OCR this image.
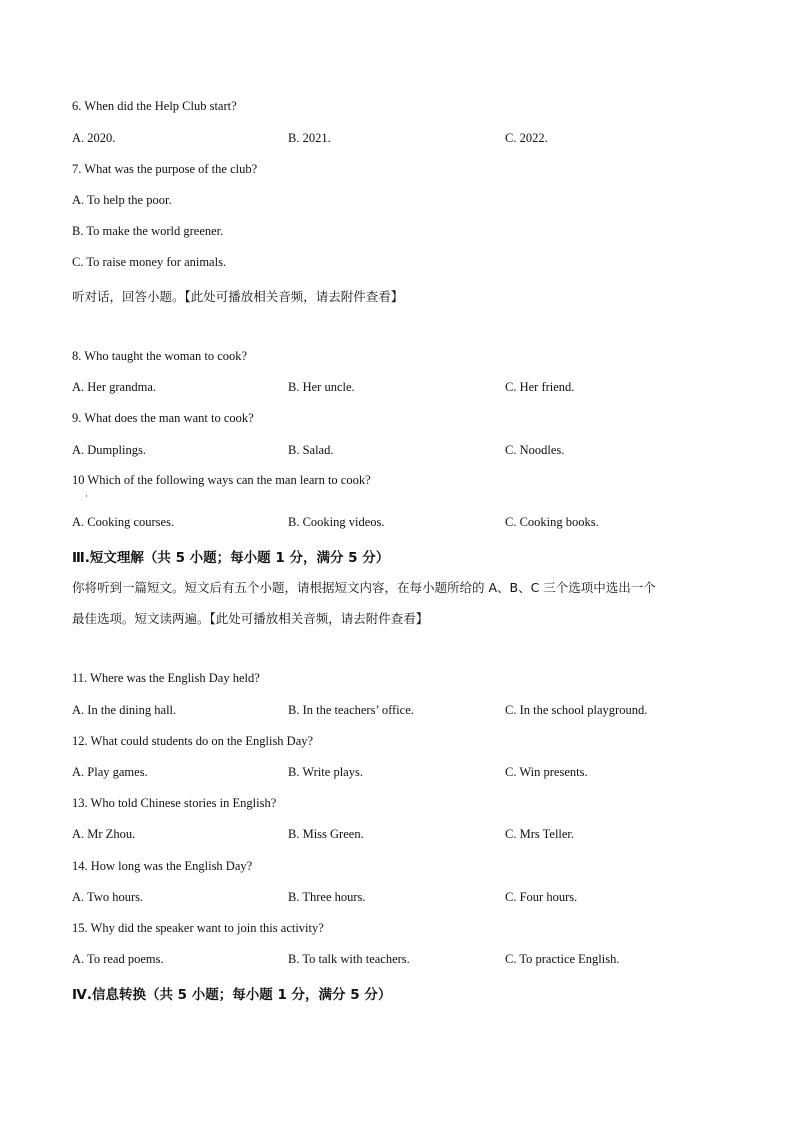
6. When did the Help Club start?
A. 2020.	B. 2021.	C. 2022.
7. What was the purpose of the club?
A. To help the poor.
B. To make the world greener.
C. To raise money for animals.
听对话，回答小题。【此处可播放相关音频，请去附件查看】
8. Who taught the woman to cook?
A. Her grandma.	B. Her uncle.	C. Her friend.
9. What does the man want to cook?
A. Dumplings.	B. Salad.	C. Noodles.
10 Which of the following ways can the man learn to cook?
·
A. Cooking courses.	B. Cooking videos.	C. Cooking books.
Ⅲ.短文理解（共 5 小题；每小题 1 分，满分 5 分）
你将听到一篇短文。短文后有五个小题，请根据短文内容，在每小题所给的 A、B、C 三个选项中选出一个
最佳选项。短文读两遍。【此处可播放相关音频，请去附件查看】
11. Where was the English Day held?
A. In the dining hall.	B. In the teachers’ office.	C. In the school playground.
12. What could students do on the English Day?
A. Play games.	B. Write plays.	C. Win presents.
13. Who told Chinese stories in English?
A. Mr Zhou.	B. Miss Green.	C. Mrs Teller.
14. How long was the English Day?
A. Two hours.	B. Three hours.	C. Four hours.
15. Why did the speaker want to join this activity?
A. To read poems.	B. To talk with teachers.	C. To practice English.
Ⅳ.信息转换（共 5 小题；每小题 1 分，满分 5 分）
